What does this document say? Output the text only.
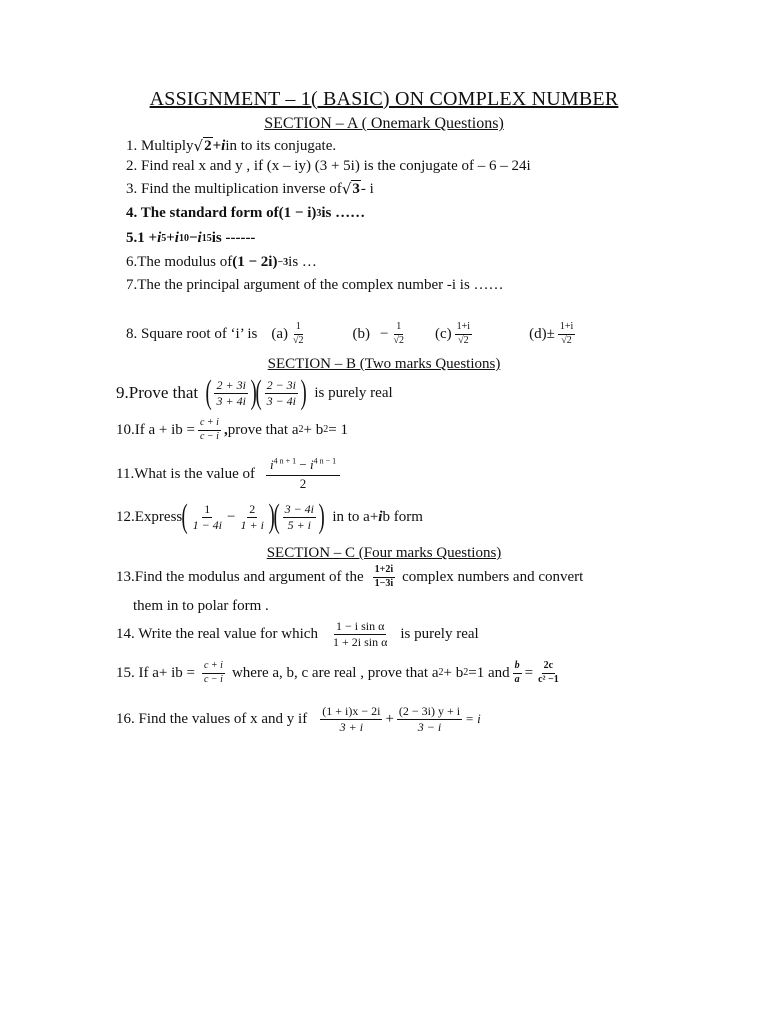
ASSIGNMENT – 1( BASIC) ON COMPLEX NUMBER
SECTION – A ( Onemark Questions)
1. Multiply √ 2 + i in to its conjugate.
2. Find real x and y , if (x – iy) (3 + 5i) is the conjugate of – 6 – 24i
3. Find the multiplication inverse of √ 3 - i
4. The standard form of (1 − i) 3 is ……
5. 1 + i 5 + i 10 − i 15 is ------
6.The modulus of (1 − 2i) −3 is …
7.The the principal argument of the complex number -i is ……
8. Square root of ‘i’ is $(a) \frac{1}{√2}$	$(b) - \frac{1}{√2} (c) \frac{1+i}{√2}$	$(d) \pm \frac{1+i}{√2}$
SECTION – B (Two marks Questions)
9.Prove that ( $\frac{2 + 3i}{3 + 4i}$ ) ( $\frac{2 - 3i}{3 - 4i}$ ) is purely real
10.If a + ib = $\frac{c + i}{c - i}$ , prove that a 2 + b 2 = 1
11.What is the value of $\frac{i^{4 n + 1} - i^{4 n - 1}}{2}$
12.Express ( $\frac{1}{1 - 4i} - \frac{2}{1 + i}$ ) ( $\frac{3 - 4i}{5 + i}$ ) in to a+ i b form
SECTION – C (Four marks Questions)
13.Find the modulus and argument of the $\frac{1+2i}{1-3i}$ complex numbers and convert
them in to polar form .
14. Write the real value for which $\frac{\text{1 − i sin α}}{\text{1 + 2i sin α}}$ is purely real
15. If a+ ib = $\frac{c + i}{c - i}$ where a, b, c are real , prove that a 2 + b 2 =1 and $\frac{b}{a} = \frac{2c}{\text{c² −1}}$
16. Find the values of x and y if $\frac{(1 + i)x - 2i}{3 + i} + \frac{(2 - 3i) y + i}{3 - i} = i$
